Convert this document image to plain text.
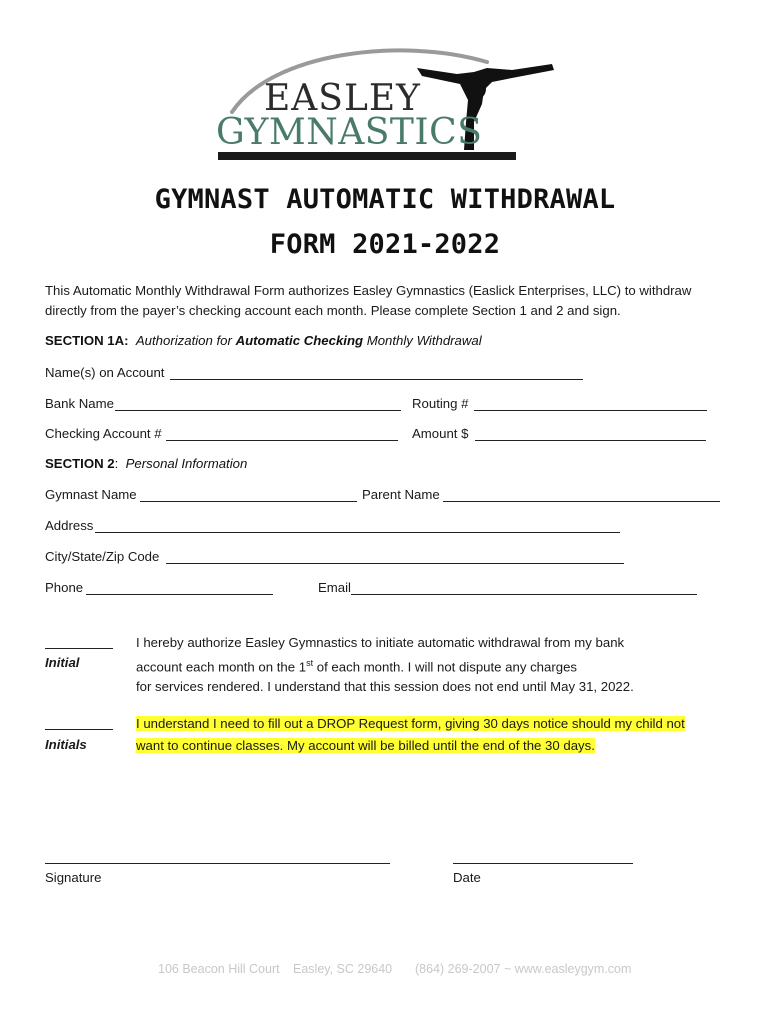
EASLEY
GYMNASTICS
GYMNAST AUTOMATIC WITHDRAWAL
FORM 2021-2022
This Automatic Monthly Withdrawal Form authorizes Easley Gymnastics (Easlick Enterprises, LLC) to withdraw directly from the payer’s checking account each month. Please complete Section 1 and 2 and sign.
SECTION 1A: Authorization for Automatic Checking Monthly Withdrawal
Name(s) on Account
Bank Name	Routing #
Checking Account #	Amount $
SECTION 2: Personal Information
Gymnast Name	Parent Name
Address
City/State/Zip Code
Phone	Email
Initial
I hereby authorize Easley Gymnastics to initiate automatic withdrawal from my bank
account each month on the 1st of each month. I will not dispute any charges
for services rendered. I understand that this session does not end until May 31, 2022.
Initials
I understand I need to fill out a DROP Request form, giving 30 days notice should my child not
want to continue classes. My account will be billed until the end of the 30 days.
Signature	Date
106 Beacon Hill Court Easley, SC 29640 (864) 269-2007 ~ www.easleygym.com
